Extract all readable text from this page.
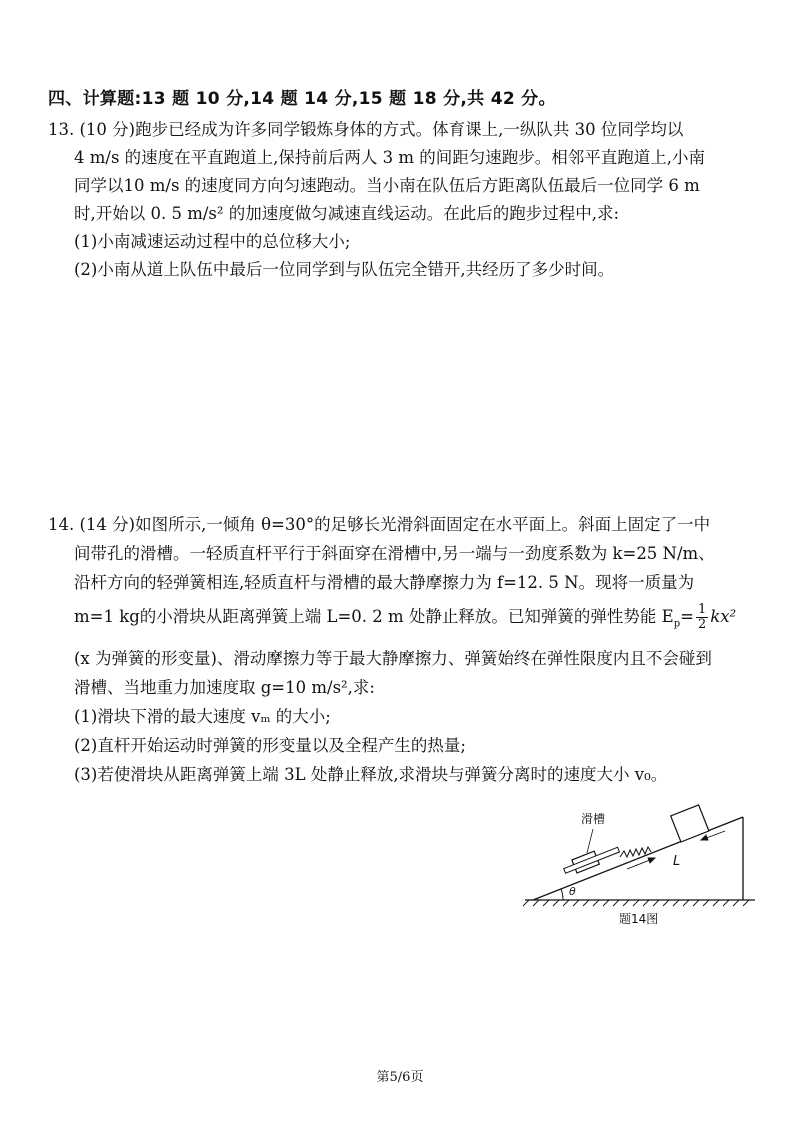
四、计算题:13 题 10 分,14 题 14 分,15 题 18 分,共 42 分。
13. (10 分)跑步已经成为许多同学锻炼身体的方式。体育课上,一纵队共 30 位同学均以
4 m/s 的速度在平直跑道上,保持前后两人 3 m 的间距匀速跑步。相邻平直跑道上,小南
同学以10 m/s 的速度同方向匀速跑动。当小南在队伍后方距离队伍最后一位同学 6 m
时,开始以 0. 5 m/s² 的加速度做匀减速直线运动。在此后的跑步过程中,求:
(1)小南减速运动过程中的总位移大小;
(2)小南从道上队伍中最后一位同学到与队伍完全错开,共经历了多少时间。
14. (14 分)如图所示,一倾角 θ=30°的足够长光滑斜面固定在水平面上。斜面上固定了一中
间带孔的滑槽。一轻质直杆平行于斜面穿在滑槽中,另一端与一劲度系数为 k=25 N/m、
沿杆方向的轻弹簧相连,轻质直杆与滑槽的最大静摩擦力为 f=12. 5 N。现将一质量为
m=1 kg的小滑块从距离弹簧上端 L=0. 2 m 处静止释放。已知弹簧的弹性势能 $E_p= \frac{1}{2} kx^2$
(x 为弹簧的形变量)、滑动摩擦力等于最大静摩擦力、弹簧始终在弹性限度内且不会碰到
滑槽、当地重力加速度取 g=10 m/s²,求:
(1)滑块下滑的最大速度 vₘ 的大小;
(2)直杆开始运动时弹簧的形变量以及全程产生的热量;
(3)若使滑块从距离弹簧上端 3L 处静止释放,求滑块与弹簧分离时的速度大小 v₀。
θ
滑槽
L
题14图
第5/6页
